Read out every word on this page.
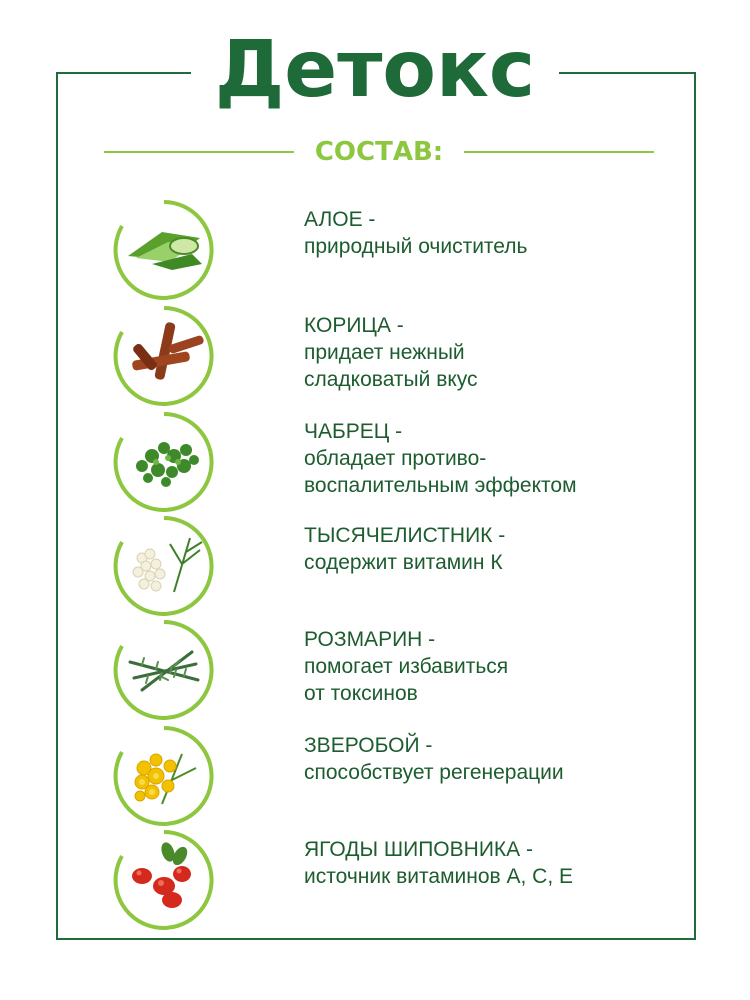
Детокс
СОСТАВ:
АЛОЕ -
природный очиститель
КОРИЦА -
придает нежный
сладковатый вкус
ЧАБРЕЦ -
обладает противо-
воспалительным эффектом
ТЫСЯЧЕЛИСТНИК -
содержит витамин К
РОЗМАРИН -
помогает избавиться
от токсинов
ЗВЕРОБОЙ -
способствует регенерации
ЯГОДЫ ШИПОВНИКА -
источник витаминов А, С, Е
